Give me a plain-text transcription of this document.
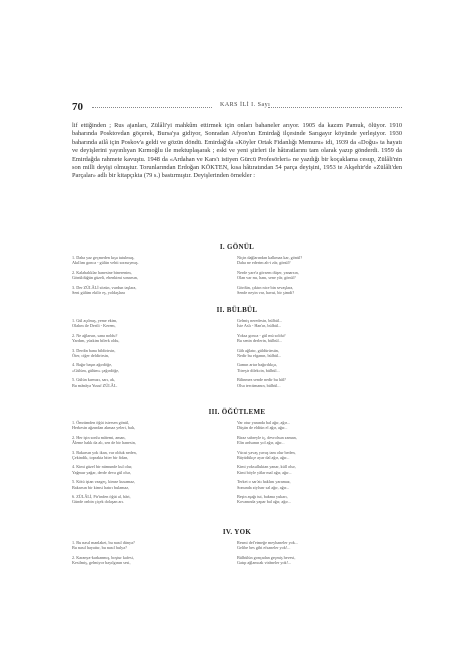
70	KARS İLİ I. Sayı

lif ettiğinden ; Rus ajanları, Zülâli'yi mahkûm ettirmek için onları bahaneler arıyor. 1905 da kazım Pamuk, ölüyor. 1910 baharında Posktovdan göçerek, Bursa'ya gidiyor, Sonradan Afyon'un Emirdağ ilçesinde Sarıgayır köyünde yerleşiyor. 1930 baharında ailâ için Poskov'a geldi ve gözün döndü. Emirdağ'da «Köyler Ortak Fidanlığı Memuru» idi, 1939 da «Doğu» ta hayatı ve deyişlerini yayınlıyan Kırmoğlu ile mektuplaşarak ; eski ve yeni şiirleri ile hâtıratlarını tam olarak yazıp gönderdi. 1959 da Emirdağda rahmete kavuştu. 1948 da «Ardahan ve Kars'ı istiyen Gürcü Profesörleri» ne yazdığı bir koçaklama cesup, Zülâli'nin son milli deyişi olmuştur. Torunlarından Erdoğan KÖKTEN, kısa hâtıratından 54 parça deyişini, 1953 te Akşehir'de «Zülâli'den Parçalar» adlı bir kitapçıkta (79 s.) bastırmıştır. Deyişlerinden örnekler :

I. GÖNÜL
1. Daha yaz geçmeden kışa tutulmuş,
Akıllım gonca - gülün vehti sorasıymış.
2. Kalabalıklar hanesine binerenim,
Gönüldüğün güzeli, ebenkimi sonarsın,
3. Der ZÜLÂLİ sözün, vurdun taşlara,
Seni gülüm ekilir eş, yoldaşlara
Niçin dağlarından kalkmaz kar, gönül?
Daha ne ederim ah-i zâr, gönül?
Nerde yare'a görsem düşer, yanarsın,
Olan var mı, hanı, sene yâr, gönül?
Gördün, çıktın nice bin sevaşlara,
Sende neyin var, havut, bir şimdi?
II. BÜLBÜL
1. Gül açılmış, yeme ekim,
Olalım ile Dertli - Kerem,
2. Ne ağlarsın, sana noldu?
Yardım, yüzkim bilerk oldu,
3. Derdin bana bildirirsin,
Öter, ciğer deldirirsin,
4. Bağır başın ağırdöğe,
«Gülüm, gülüm» çağırdöğe,
5. Gülün kırmızı, sarı, ak,
Bu mânâya Yusuf ZÜLÂL.
Gelmiş neredesin, bülbül...
İste Aslı - Han'ın, bülbül...
Yoksa gonca - gül mü soldu?
Bu senin derlerin, bülbül...
Gâh ağlatır, güldürürsün,
Nedir bu efganın, bülbül...
Gamın artar bağırdıkça,
Titreşir dilekcin, bülbül...
Bilinmez sende nedir bu hâl?
Olsa tercümanın, bülbül...
III. ÖĞÜTLEME
1. Ömrümden öğüt istersen gönül,
Herkesin ağzından akmaz yeleri, balı,
2. Her işin sonlu mâtemi, aman,
Âleme hakk da alı, sen de bir hanesin,
3. Bakarsın yok ikan, var olduk neden,
Çekindik, toprakta biter bir fidan,
4. Kimi güzel bir nümunde kul olur,
Yağmur yağar, derde deva gül olur,
5. Kötü iştan vazgeç, kimse kusamaz,
Bakarsın bir kimsi hatırı bulamaz,
6. ZÜLÂLİ, Pir'inden öğüt al, bâri,
Günde onbin çiçek dolaşan arı.
Var otur yanında bal ağır, ağır...
Düşün de eldiün el ağır, ağır...
Biraz sabreyle iç, devrolsun zaman,
Elin ardsanın yol ağır, ağır...
Vücut yavaş yavaş tam olur beden,
Büyüdükçe ayar dal ağır, ağır...
Kimi yoksulluktan yanar, küll olur,
Kimi böyle yâlar mal ağır, ağır...
Terket o sar'atı haklını yaramaz,
Sonunda ziylxnr sal ağır, ağır...
Beşin aşağı tut, bakma yukarı,
Kovanında yapar bal ağır, ağır...
IV. YOK
1. Bu nasıl manlaket, bu nasıl dünya?
Bu nasıl hayattır, bu nasıl hulya?
2. Karanya-karkanmış, boştur kafesi,
Kesilmiş, gelmiyor bayılgının sesi,
Resmi def'etmeğe meyhaneler yok...
Gelibe bes gibi efsaneler yok!...
Bülbülün gonçadan geçmiş hevesi,
Gatıp ağlamcak virâneler yok!...
